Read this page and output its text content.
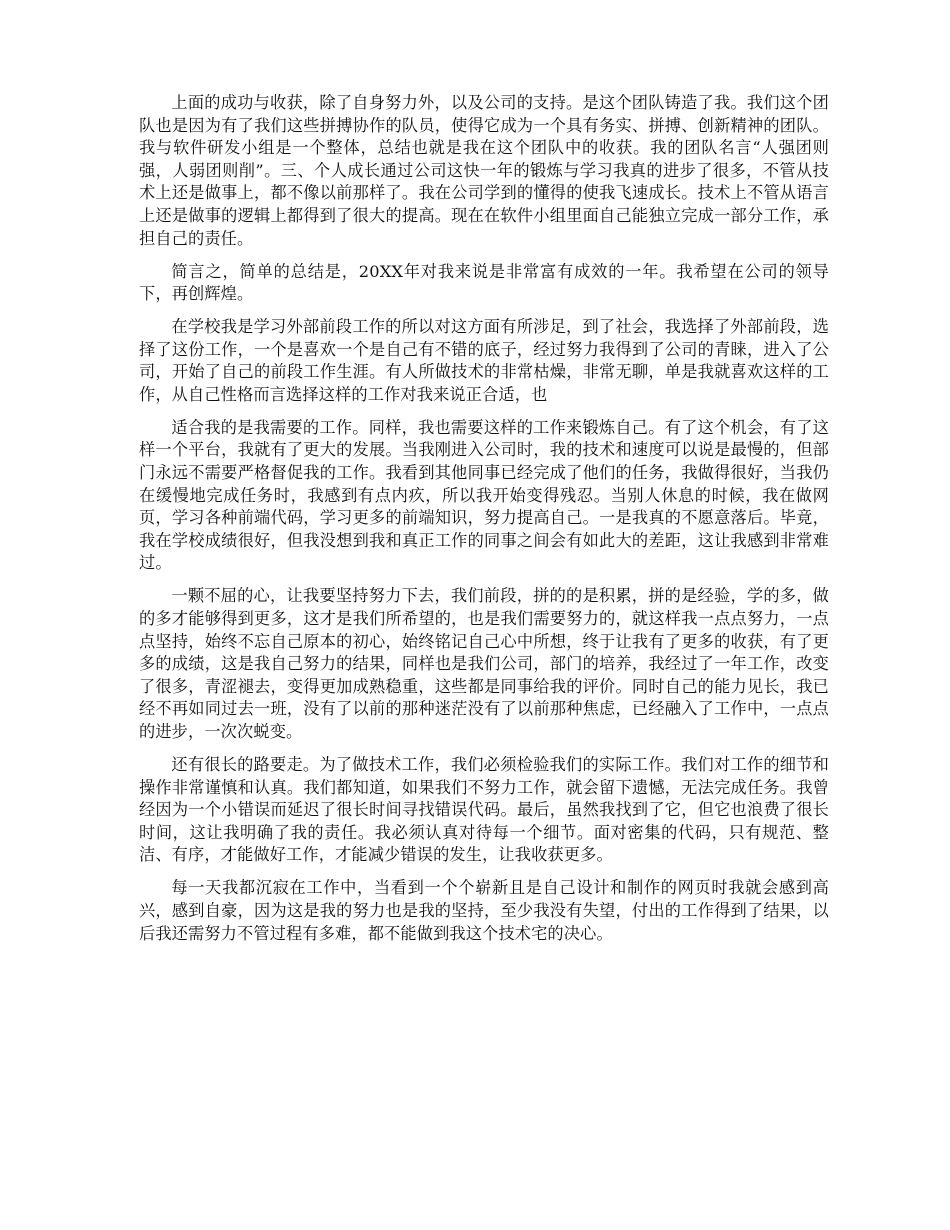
上面的成功与收获，除了自身努力外，以及公司的支持。是这个团队铸造了我。我们这个团队也是因为有了我们这些拼搏协作的队员，使得它成为一个具有务实、拼搏、创新精神的团队。我与软件研发小组是一个整体，总结也就是我在这个团队中的收获。我的团队名言“人强团则强，人弱团则削”。三、个人成长通过公司这快一年的锻炼与学习我真的进步了很多，不管从技术上还是做事上，都不像以前那样了。我在公司学到的懂得的使我飞速成长。技术上不管从语言上还是做事的逻辑上都得到了很大的提高。现在在软件小组里面自己能独立完成一部分工作，承担自己的责任。

简言之，简单的总结是，20XX年对我来说是非常富有成效的一年。我希望在公司的领导下，再创辉煌。

在学校我是学习外部前段工作的所以对这方面有所涉足，到了社会，我选择了外部前段，选择了这份工作，一个是喜欢一个是自己有不错的底子，经过努力我得到了公司的青睐，进入了公司，开始了自己的前段工作生涯。有人所做技术的非常枯燥，非常无聊，单是我就喜欢这样的工作，从自己性格而言选择这样的工作对我来说正合适，也

适合我的是我需要的工作。同样，我也需要这样的工作来锻炼自己。有了这个机会，有了这样一个平台，我就有了更大的发展。当我刚进入公司时，我的技术和速度可以说是最慢的，但部门永远不需要严格督促我的工作。我看到其他同事已经完成了他们的任务，我做得很好，当我仍在缓慢地完成任务时，我感到有点内疚，所以我开始变得残忍。当别人休息的时候，我在做网页，学习各种前端代码，学习更多的前端知识，努力提高自己。一是我真的不愿意落后。毕竟，我在学校成绩很好，但我没想到我和真正工作的同事之间会有如此大的差距，这让我感到非常难过。

一颗不屈的心，让我要坚持努力下去，我们前段，拼的的是积累，拼的是经验，学的多，做的多才能够得到更多，这才是我们所希望的，也是我们需要努力的，就这样我一点点努力，一点点坚持，始终不忘自己原本的初心，始终铭记自己心中所想，终于让我有了更多的收获，有了更多的成绩，这是我自己努力的结果，同样也是我们公司，部门的培养，我经过了一年工作，改变了很多，青涩褪去，变得更加成熟稳重，这些都是同事给我的评价。同时自己的能力见长，我已经不再如同过去一班，没有了以前的那种迷茫没有了以前那种焦虑，已经融入了工作中，一点点的进步，一次次蜕变。

还有很长的路要走。为了做技术工作，我们必须检验我们的实际工作。我们对工作的细节和操作非常谨慎和认真。我们都知道，如果我们不努力工作，就会留下遗憾，无法完成任务。我曾经因为一个小错误而延迟了很长时间寻找错误代码。最后，虽然我找到了它，但它也浪费了很长时间，这让我明确了我的责任。我必须认真对待每一个细节。面对密集的代码，只有规范、整洁、有序，才能做好工作，才能减少错误的发生，让我收获更多。

每一天我都沉寂在工作中，当看到一个个崭新且是自己设计和制作的网页时我就会感到高兴，感到自豪，因为这是我的努力也是我的坚持，至少我没有失望，付出的工作得到了结果，以后我还需努力不管过程有多难，都不能做到我这个技术宅的决心。
